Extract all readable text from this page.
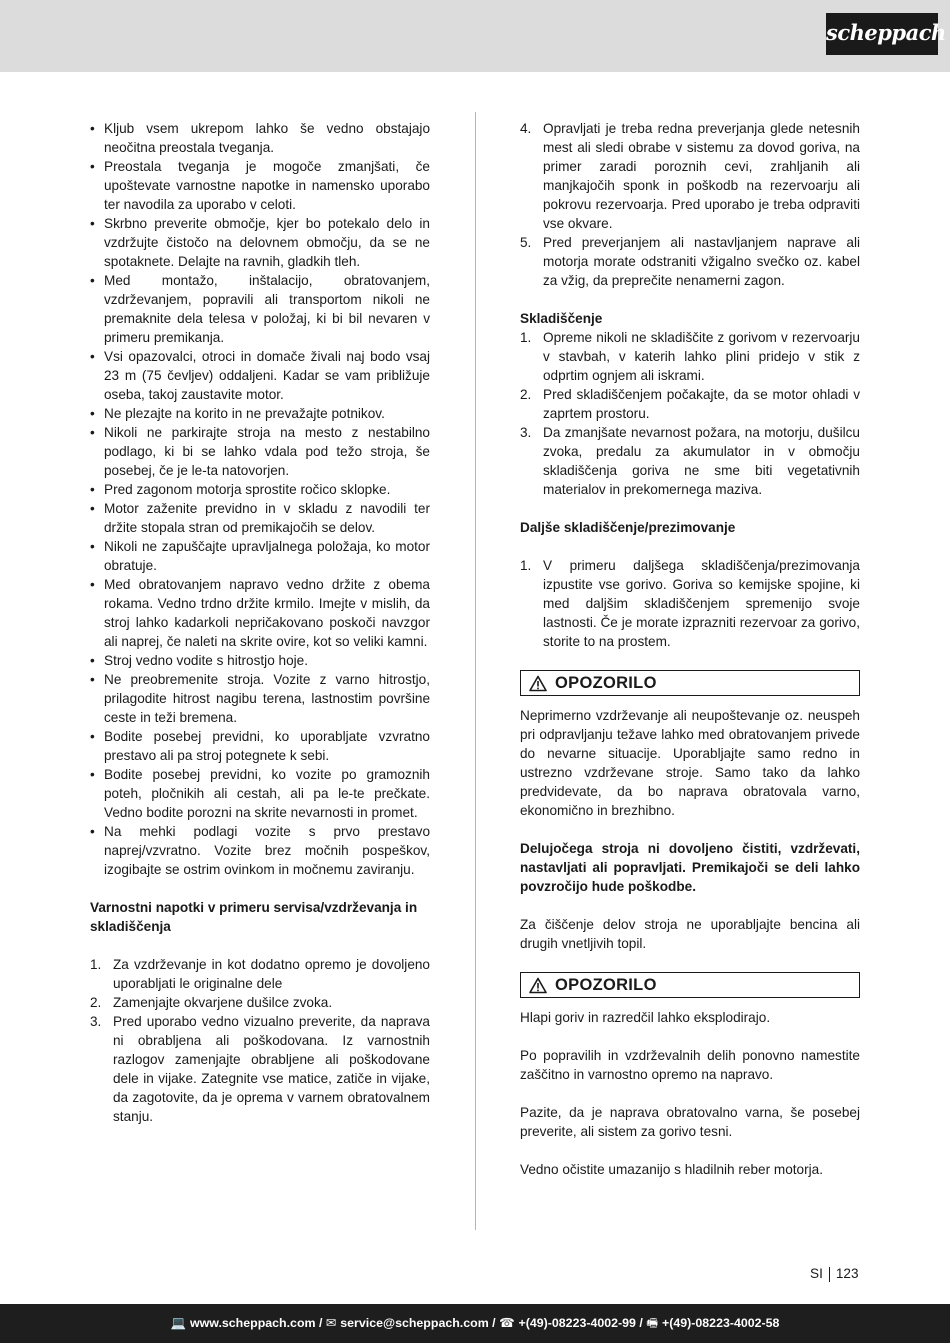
scheppach
• Kljub vsem ukrepom lahko še vedno obstajajo neočitna preostala tveganja.
• Preostala tveganja je mogoče zmanjšati, če upoštevate varnostne napotke in namensko uporabo ter navodila za uporabo v celoti.
• Skrbno preverite območje, kjer bo potekalo delo in vzdržujte čistočo na delovnem območju, da se ne spotaknete. Delajte na ravnih, gladkih tleh.
• Med montažo, inštalacijo, obratovanjem, vzdrževanjem, popravili ali transportom nikoli ne premaknite dela telesa v položaj, ki bi bil nevaren v primeru premikanja.
• Vsi opazovalci, otroci in domače živali naj bodo vsaj 23 m (75 čevljev) oddaljeni. Kadar se vam približuje oseba, takoj zaustavite motor.
• Ne plezajte na korito in ne prevažajte potnikov.
• Nikoli ne parkirajte stroja na mesto z nestabilno podlago, ki bi se lahko vdala pod težo stroja, še posebej, če je le-ta natovorjen.
• Pred zagonom motorja sprostite ročico sklopke.
• Motor zaženite previdno in v skladu z navodili ter držite stopala stran od premikajočih se delov.
• Nikoli ne zapuščajte upravljalnega položaja, ko motor obratuje.
• Med obratovanjem napravo vedno držite z obema rokama. Vedno trdno držite krmilo. Imejte v mislih, da stroj lahko kadarkoli nepričakovano poskoči navzgor ali naprej, če naleti na skrite ovire, kot so veliki kamni.
• Stroj vedno vodite s hitrostjo hoje.
• Ne preobremenite stroja. Vozite z varno hitrostjo, prilagodite hitrost nagibu terena, lastnostim površine ceste in teži bremena.
• Bodite posebej previdni, ko uporabljate vzvratno prestavo ali pa stroj potegnete k sebi.
• Bodite posebej previdni, ko vozite po gramoznih poteh, pločnikih ali cestah, ali pa le-te prečkate. Vedno bodite porozni na skrite nevarnosti in promet.
• Na mehki podlagi vozite s prvo prestavo naprej/vzvratno. Vozite brez močnih pospeškov, izogibajte se ostrim ovinkom in močnemu zaviranju.
Varnostni napotki v primeru servisa/vzdrževanja in skladiščenja
1. Za vzdrževanje in kot dodatno opremo je dovoljeno uporabljati le originalne dele
2. Zamenjajte okvarjene dušilce zvoka.
3. Pred uporabo vedno vizualno preverite, da naprava ni obrabljena ali poškodovana. Iz varnostnih razlogov zamenjajte obrabljene ali poškodovane dele in vijake. Zategnite vse matice, zatiče in vijake, da zagotovite, da je oprema v varnem obratovalnem stanju.
4. Opravljati je treba redna preverjanja glede netesnih mest ali sledi obrabe v sistemu za dovod goriva, na primer zaradi poroznih cevi, zrahljanih ali manjkajočih sponk in poškodb na rezervoarju ali pokrovu rezervoarja. Pred uporabo je treba odpraviti vse okvare.
5. Pred preverjanjem ali nastavljanjem naprave ali motorja morate odstraniti vžigalno svečko oz. kabel za vžig, da preprečite nenamerni zagon.
Skladiščenje
1. Opreme nikoli ne skladiščite z gorivom v rezervoarju v stavbah, v katerih lahko plini pridejo v stik z odprtim ognjem ali iskrami.
2. Pred skladiščenjem počakajte, da se motor ohladi v zaprtem prostoru.
3. Da zmanjšate nevarnost požara, na motorju, dušilcu zvoka, predalu za akumulator in v območju skladiščenja goriva ne sme biti vegetativnih materialov in prekomernega maziva.
Daljše skladiščenje/prezimovanje
1. V primeru daljšega skladiščenja/prezimovanja izpustite vse gorivo. Goriva so kemijske spojine, ki med daljšim skladiščenjem spremenijo svoje lastnosti. Če je morate izprazniti rezervoar za gorivo, storite to na prostem.
OPOZORILO

Neprimerno vzdrževanje ali neupoštevanje oz. neuspeh pri odpravljanju težave lahko med obratovanjem privede do nevarne situacije. Uporabljajte samo redno in ustrezno vzdrževane stroje. Samo tako da lahko predvidevate, da bo naprava obratovala varno, ekonomično in brezhibno.

Delujočega stroja ni dovoljeno čistiti, vzdrževati, nastavljati ali popravljati. Premikajoči se deli lahko povzročijo hude poškodbe.

Za čiščenje delov stroja ne uporabljajte bencina ali drugih vnetljivih topil.

OPOZORILO

Hlapi goriv in razredčil lahko eksplodirajo.

Po popravilih in vzdrževalnih delih ponovno namestite zaščitno in varnostno opremo na napravo.

Pazite, da je naprava obratovalno varna, še posebej preverite, ali sistem za gorivo tesni.

Vedno očistite umazanijo s hladilnih reber motorja.

SI 123
💻 www.scheppach.com /
✉ service@scheppach.com /
☎ +(49)-08223-4002-99 /
🖷 +(49)-08223-4002-58
